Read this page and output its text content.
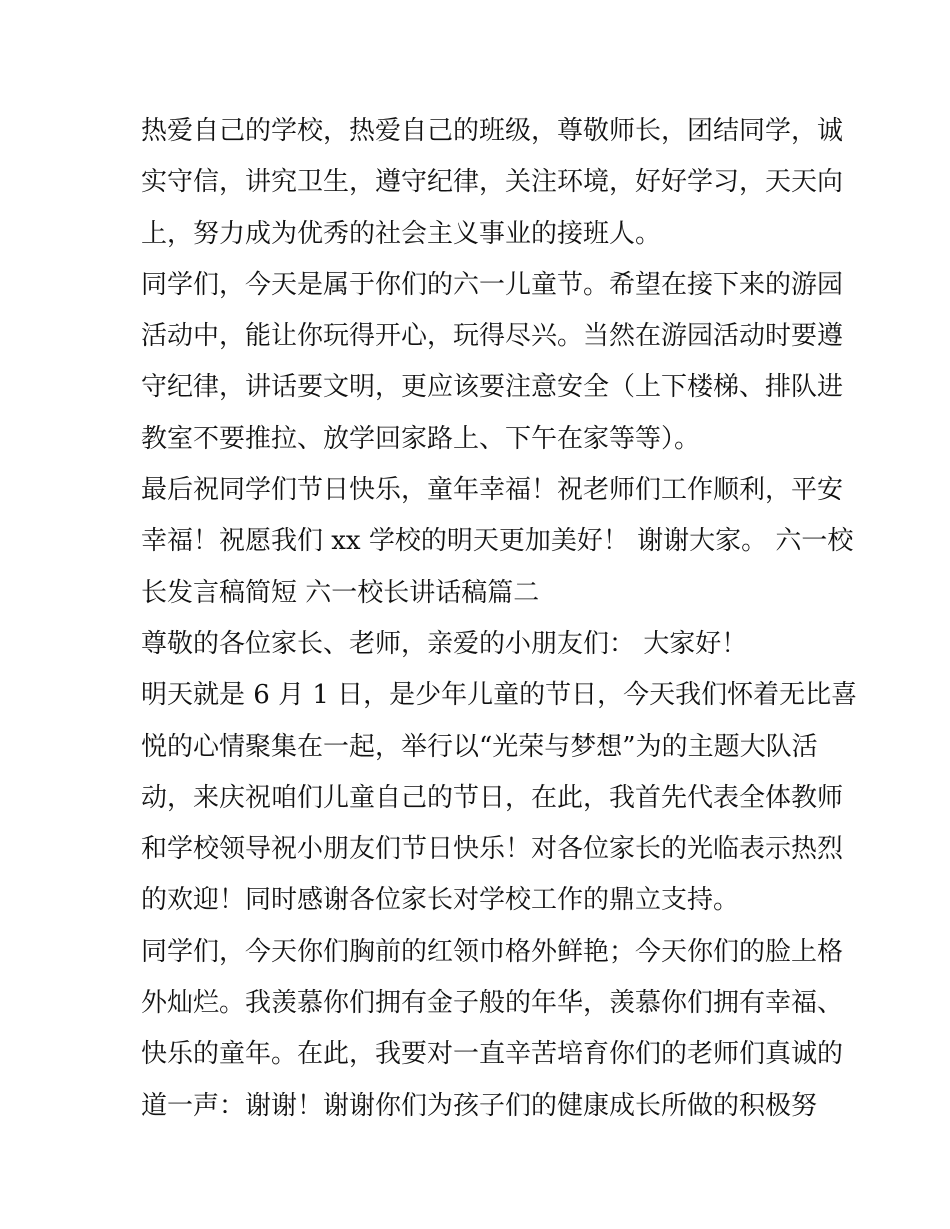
热爱自己的学校，热爱自己的班级，尊敬师长，团结同学，诚
实守信，讲究卫生，遵守纪律，关注环境，好好学习，天天向
上，努力成为优秀的社会主义事业的接班人。
同学们，今天是属于你们的六一儿童节。希望在接下来的游园
活动中，能让你玩得开心，玩得尽兴。当然在游园活动时要遵
守纪律，讲话要文明，更应该要注意安全（上下楼梯、排队进
教室不要推拉、放学回家路上、下午在家等等）。
最后祝同学们节日快乐，童年幸福！祝老师们工作顺利，平安
幸福！祝愿我们 xx 学校的明天更加美好！ 谢谢大家。 六一校
长发言稿简短 六一校长讲话稿篇二
尊敬的各位家长、老师，亲爱的小朋友们： 大家好！
明天就是 6 月 1 日，是少年儿童的节日，今天我们怀着无比喜
悦的心情聚集在一起，举行以“光荣与梦想”为的主题大队活
动，来庆祝咱们儿童自己的节日，在此，我首先代表全体教师
和学校领导祝小朋友们节日快乐！对各位家长的光临表示热烈
的欢迎！同时感谢各位家长对学校工作的鼎立支持。
同学们，今天你们胸前的红领巾格外鲜艳；今天你们的脸上格
外灿烂。我羡慕你们拥有金子般的年华，羡慕你们拥有幸福、
快乐的童年。在此，我要对一直辛苦培育你们的老师们真诚的
道一声：谢谢！谢谢你们为孩子们的健康成长所做的积极努
